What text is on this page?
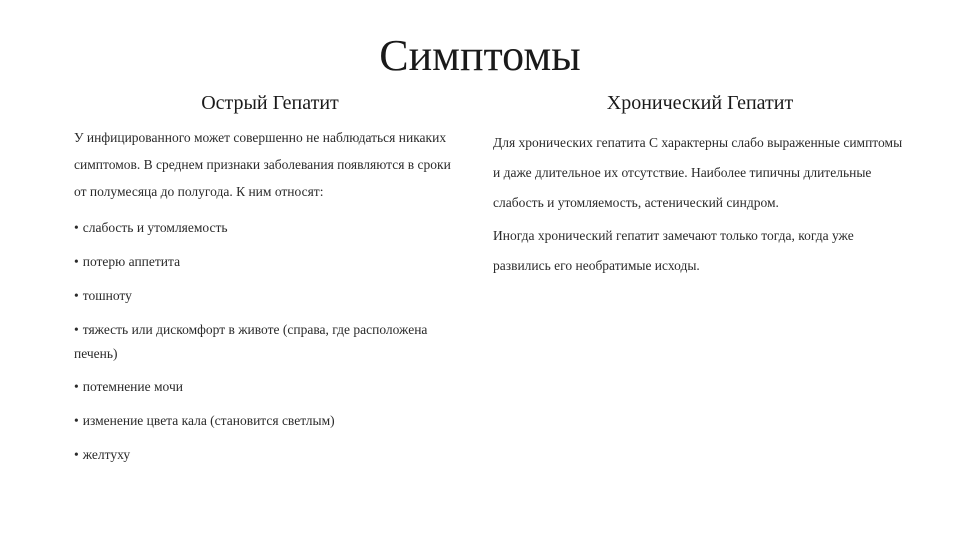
Симптомы
Острый Гепатит	Хронический Гепатит

У инфицированного может совершенно не наблюдаться никаких симптомов. В среднем признаки заболевания появляются в сроки от полумесяца до полугода. К ним относят:

• слабость и утомляемость
• потерю аппетита
• тошноту
• тяжесть или дискомфорт в животе (справа, где расположена печень)
• потемнение мочи
• изменение цвета кала (становится светлым)
• желтуху

Для хронических гепатита С характерны слабо выраженные симптомы и даже длительное их отсутствие. Наиболее типичны длительные слабость и утомляемость, астенический синдром.

Иногда хронический гепатит замечают только тогда, когда уже развились его необратимые исходы.
